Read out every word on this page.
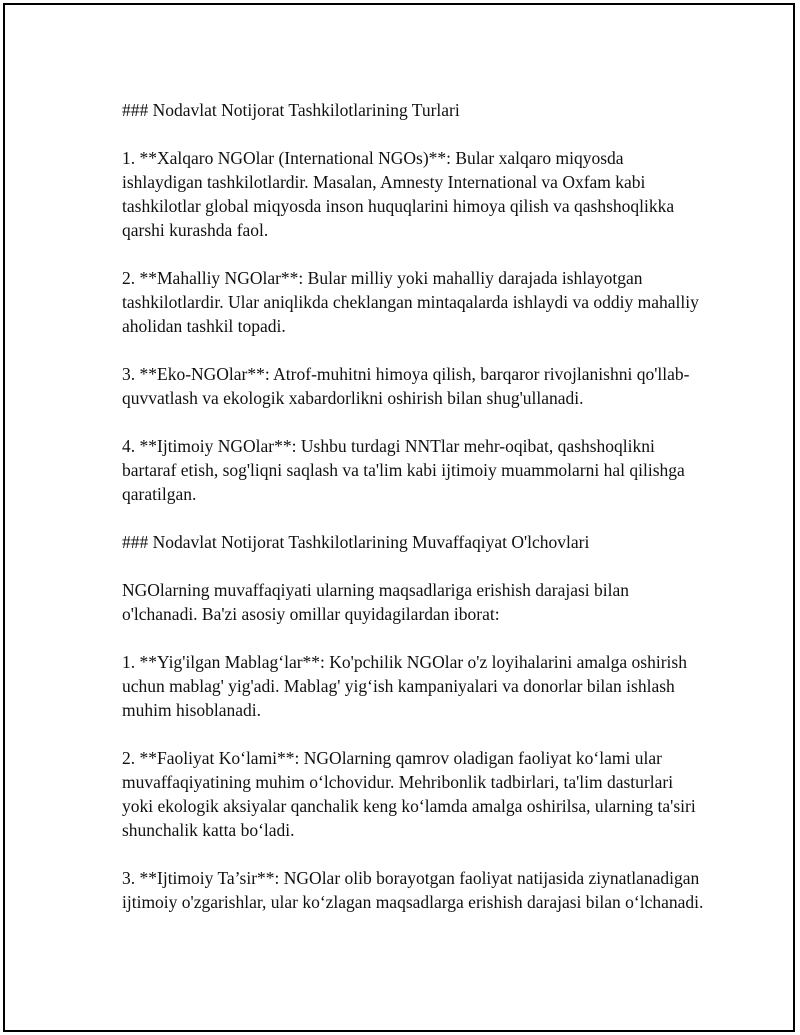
### Nodavlat Notijorat Tashkilotlarining Turlari

1. **Xalqaro NGOlar (International NGOs)**: Bular xalqaro miqyosda ishlaydigan tashkilotlardir. Masalan, Amnesty International va Oxfam kabi tashkilotlar global miqyosda inson huquqlarini himoya qilish va qashshoqlikka qarshi kurashda faol.

2. **Mahalliy NGOlar**: Bular milliy yoki mahalliy darajada ishlayotgan tashkilotlardir. Ular aniqlikda cheklangan mintaqalarda ishlaydi va oddiy mahalliy aholidan tashkil topadi.

3. **Eko-NGOlar**: Atrof-muhitni himoya qilish, barqaror rivojlanishni qo'llab-quvvatlash va ekologik xabardorlikni oshirish bilan shug'ullanadi.

4. **Ijtimoiy NGOlar**: Ushbu turdagi NNTlar mehr-oqibat, qashshoqlikni bartaraf etish, sog'liqni saqlash va ta'lim kabi ijtimoiy muammolarni hal qilishga qaratilgan.

### Nodavlat Notijorat Tashkilotlarining Muvaffaqiyat O'lchovlari

NGOlarning muvaffaqiyati ularning maqsadlariga erishish darajasi bilan o'lchanadi. Ba'zi asosiy omillar quyidagilardan iborat:

1. **Yig'ilgan Mablag‘lar**: Ko'pchilik NGOlar o'z loyihalarini amalga oshirish uchun mablag' yig'adi. Mablag' yig‘ish kampaniyalari va donorlar bilan ishlash muhim hisoblanadi.

2. **Faoliyat Ko‘lami**: NGOlarning qamrov oladigan faoliyat ko‘lami ular muvaffaqiyatining muhim o‘lchovidur. Mehribonlik tadbirlari, ta'lim dasturlari yoki ekologik aksiyalar qanchalik keng ko‘lamda amalga oshirilsa, ularning ta'siri shunchalik katta bo‘ladi.

3. **Ijtimoiy Ta’sir**: NGOlar olib borayotgan faoliyat natijasida ziynatlanadigan ijtimoiy o'zgarishlar, ular ko‘zlagan maqsadlarga erishish darajasi bilan o‘lchanadi.
